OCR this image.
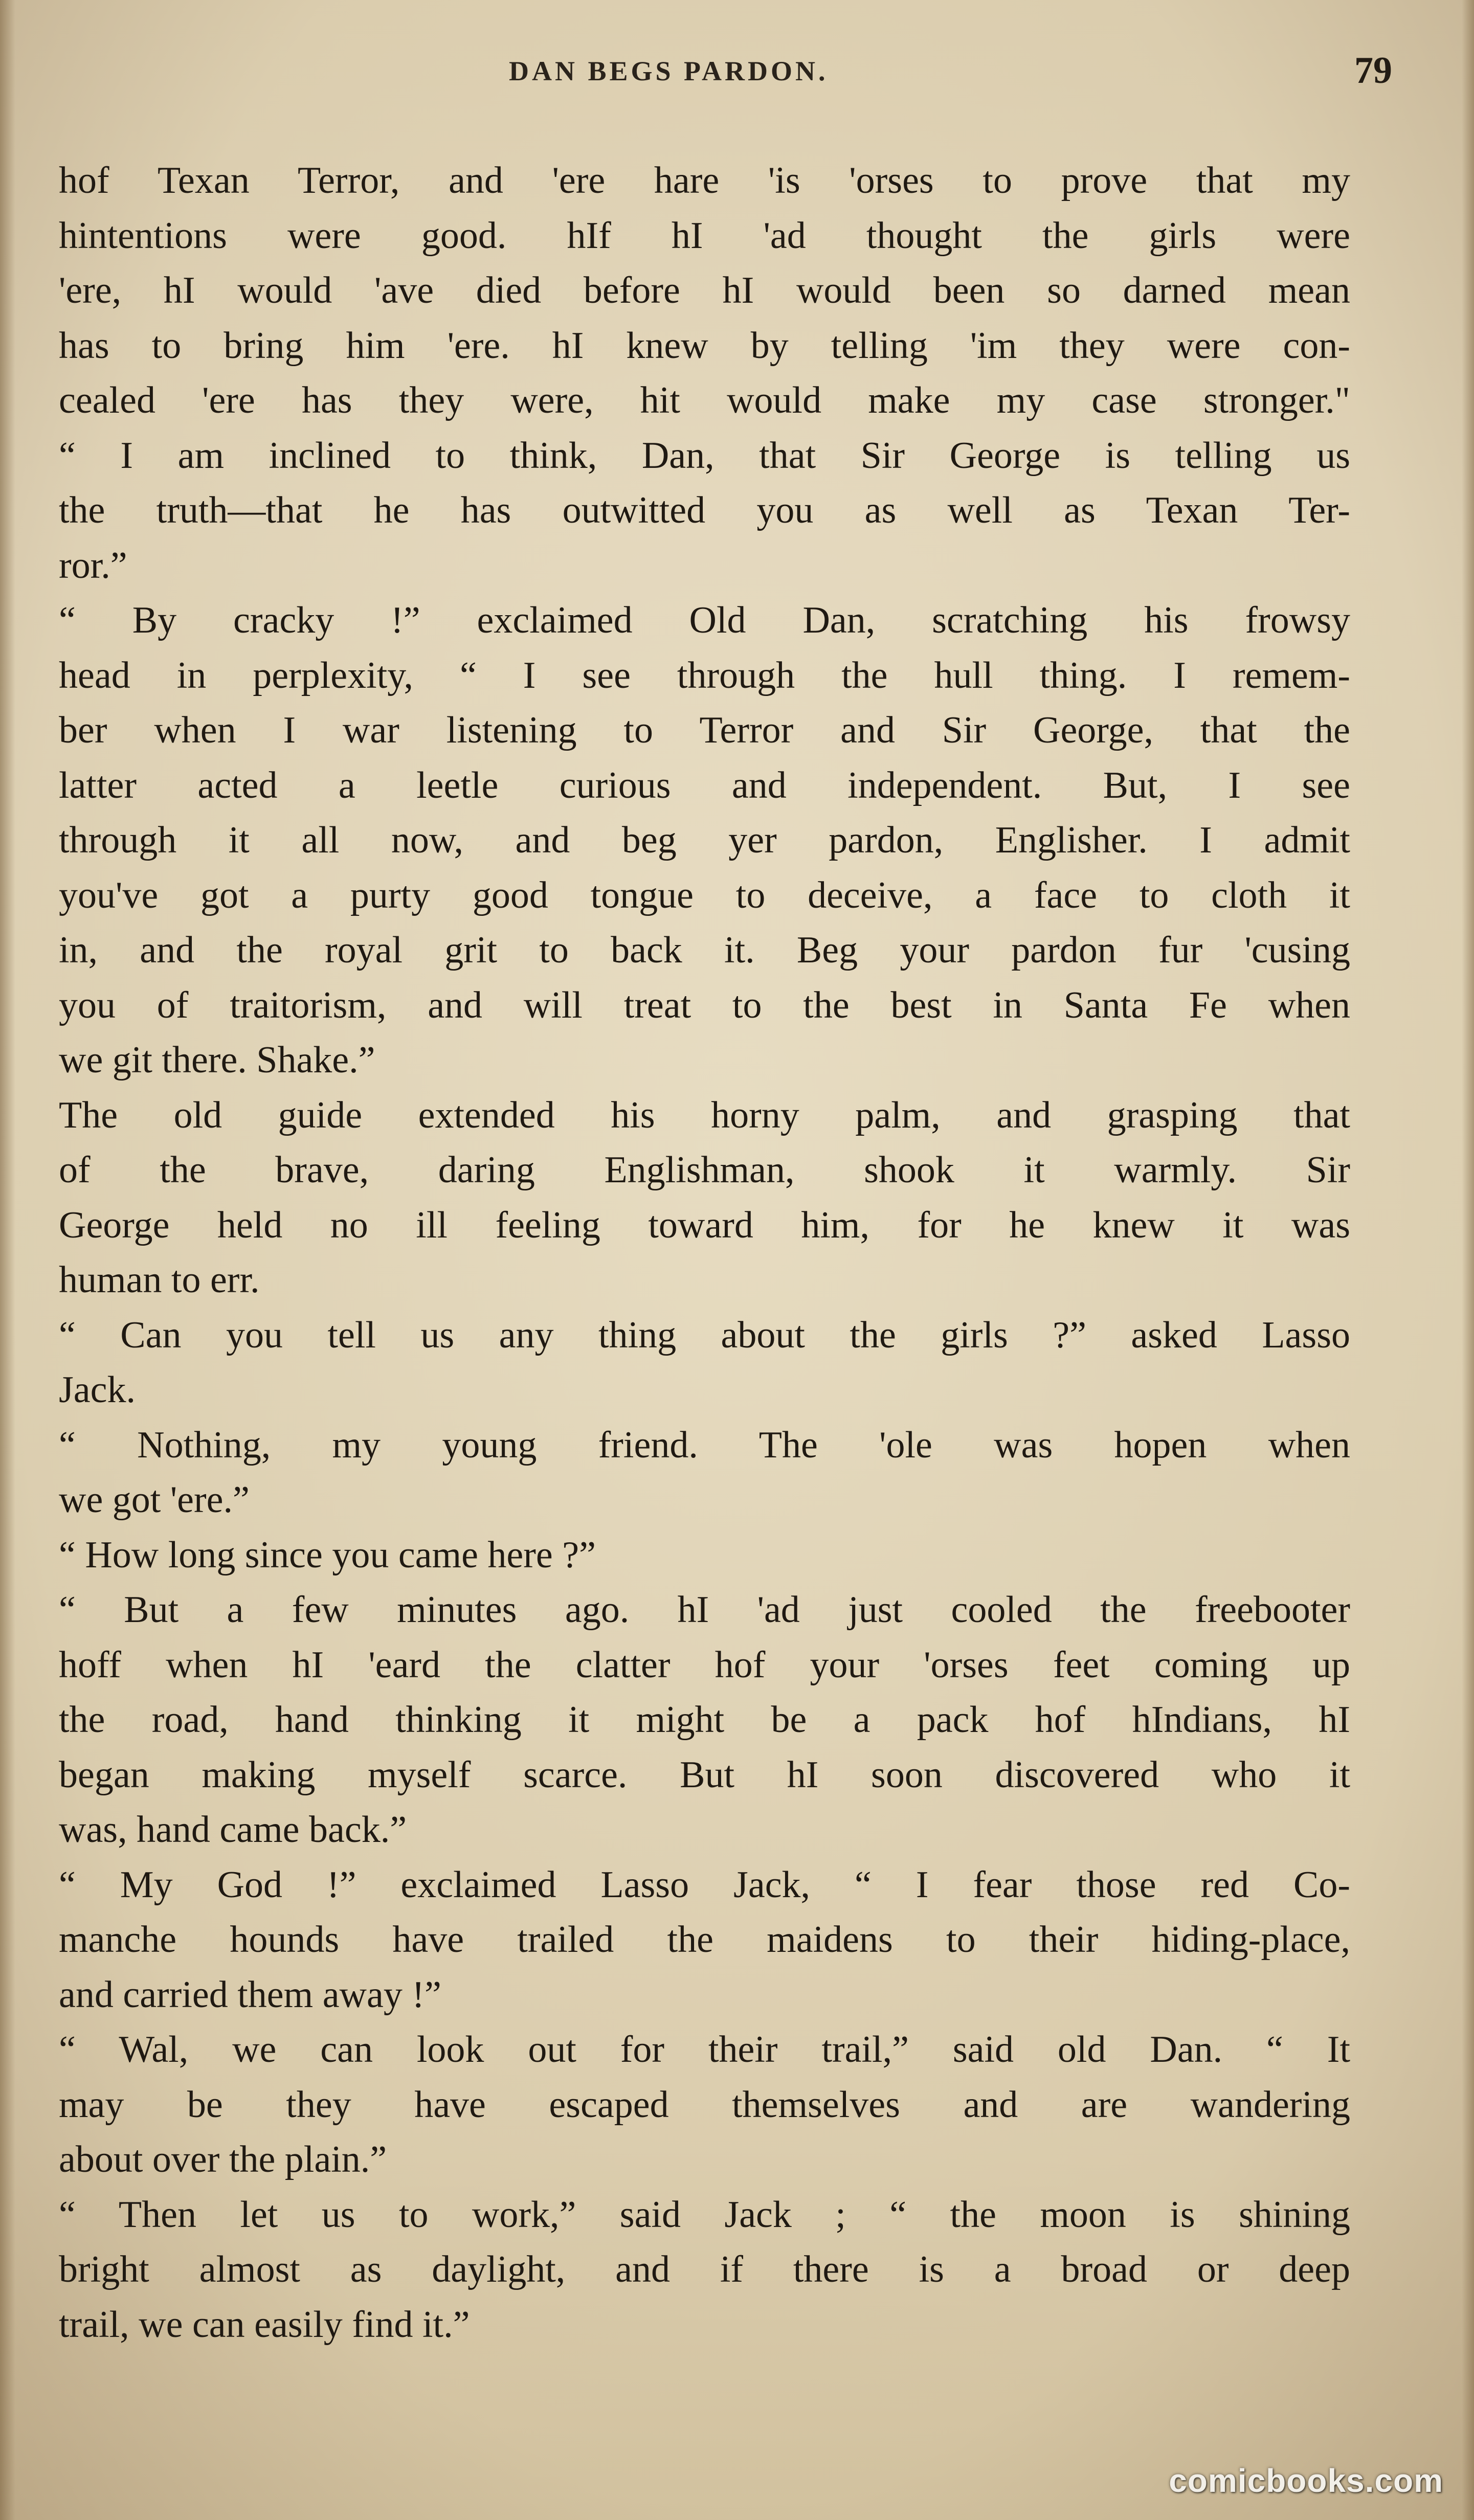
DAN BEGS PARDON.	79
hof Texan Terror, and 'ere hare 'is 'orses to prove that my
hintentions were good. hIf hI 'ad thought the girls were
'ere, hI would 'ave died before hI would been so darned mean
has to bring him 'ere. hI knew by telling 'im they were con-
cealed 'ere has they were, hit would make my case stronger."
“ I am inclined to think, Dan, that Sir George is telling us
the truth—that he has outwitted you as well as Texan Ter-
ror.”
“ By cracky !” exclaimed Old Dan, scratching his frowsy
head in perplexity, “ I see through the hull thing. I remem-
ber when I war listening to Terror and Sir George, that the
latter acted a leetle curious and independent. But, I see
through it all now, and beg yer pardon, Englisher. I admit
you've got a purty good tongue to deceive, a face to cloth it
in, and the royal grit to back it. Beg your pardon fur 'cusing
you of traitorism, and will treat to the best in Santa Fe when
we git there. Shake.”
The old guide extended his horny palm, and grasping that
of the brave, daring Englishman, shook it warmly. Sir
George held no ill feeling toward him, for he knew it was
human to err.
“ Can you tell us any thing about the girls ?” asked Lasso
Jack.
“ Nothing, my young friend. The 'ole was hopen when
we got 'ere.”
“ How long since you came here ?”
“ But a few minutes ago. hI 'ad just cooled the freebooter
hoff when hI 'eard the clatter hof your 'orses feet coming up
the road, hand thinking it might be a pack hof hIndians, hI
began making myself scarce. But hI soon discovered who it
was, hand came back.”
“ My God !” exclaimed Lasso Jack, “ I fear those red Co-
manche hounds have trailed the maidens to their hiding-place,
and carried them away !”
“ Wal, we can look out for their trail,” said old Dan. “ It
may be they have escaped themselves and are wandering
about over the plain.”
“ Then let us to work,” said Jack ; “ the moon is shining
bright almost as daylight, and if there is a broad or deep
trail, we can easily find it.”
comicbooks.com
